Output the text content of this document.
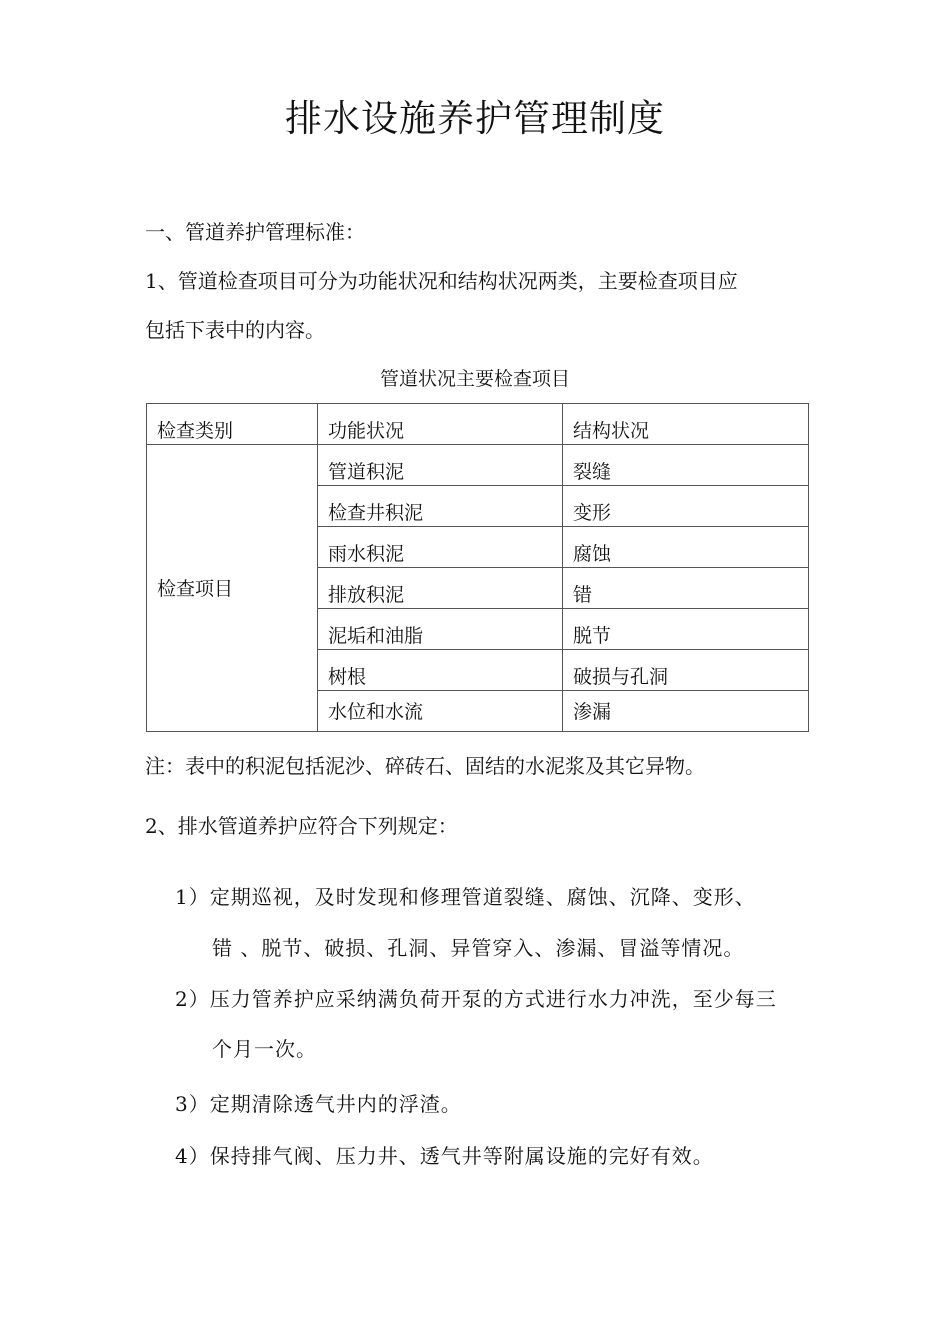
排水设施养护管理制度
一、管道养护管理标准：
1、管道检查项目可分为功能状况和结构状况两类，主要检查项目应
包括下表中的内容。
管道状况主要检查项目
检查类别	功能状况	结构状况
检查项目	管道积泥	裂缝
	检查井积泥	变形
	雨水积泥	腐蚀
	排放积泥	错
	泥垢和油脂	脱节
	树根	破损与孔洞
	水位和水流	渗漏
注：表中的积泥包括泥沙、碎砖石、固结的水泥浆及其它异物。
2、排水管道养护应符合下列规定：
1）定期巡视，及时发现和修理管道裂缝、腐蚀、沉降、变形、
错 、脱节、破损、孔洞、异管穿入、渗漏、冒溢等情况。
2）压力管养护应采纳满负荷开泵的方式进行水力冲洗，至少每三
个月一次。
3）定期清除透气井内的浮渣。
4）保持排气阀、压力井、透气井等附属设施的完好有效。
